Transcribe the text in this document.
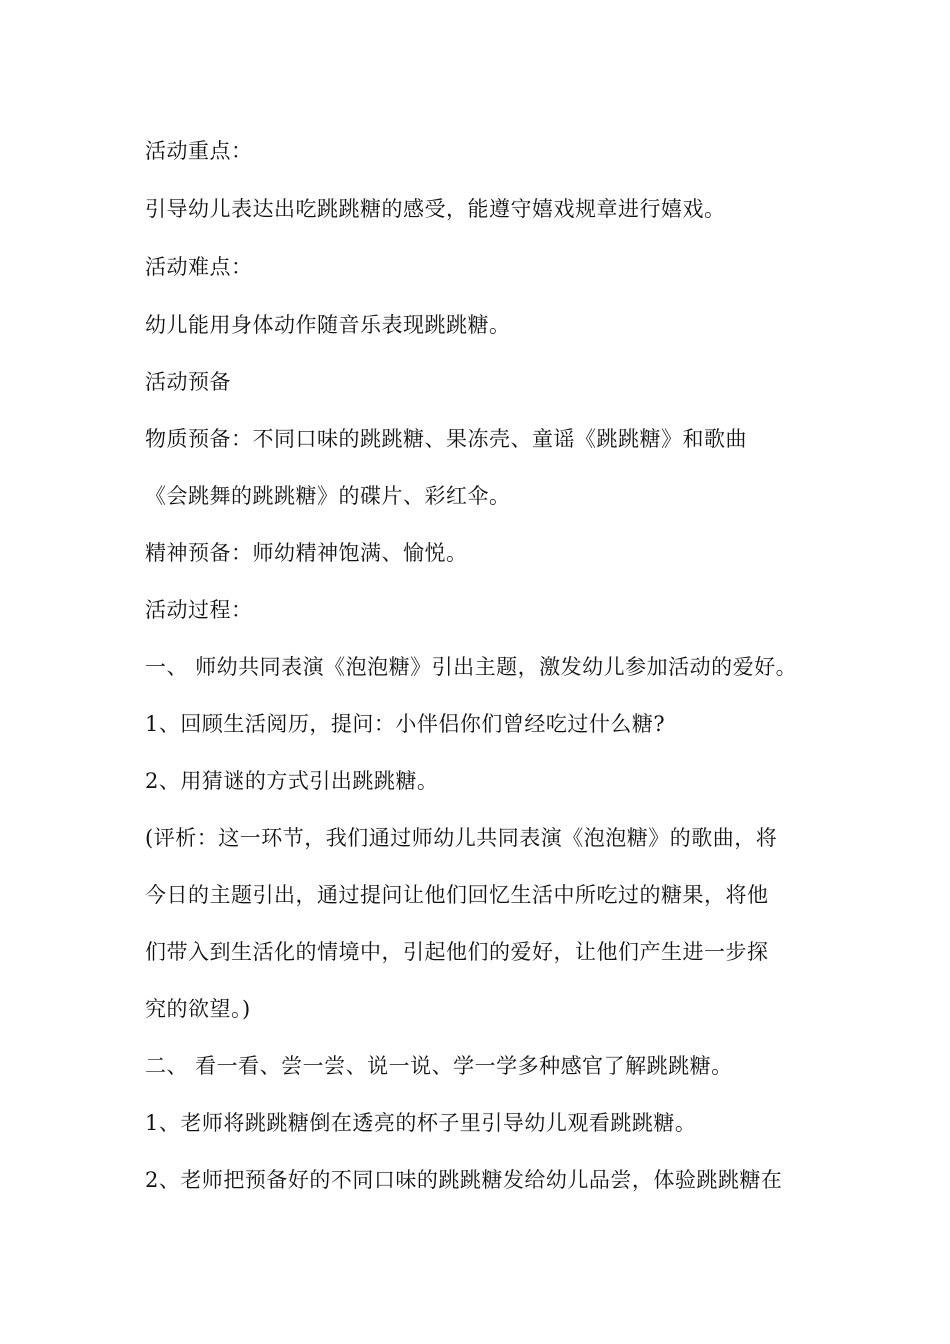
活动重点：
引导幼儿表达出吃跳跳糖的感受，能遵守嬉戏规章进行嬉戏。
活动难点：
幼儿能用身体动作随音乐表现跳跳糖。
活动预备
物质预备：不同口味的跳跳糖、果冻壳、童谣《跳跳糖》和歌曲
《会跳舞的跳跳糖》的碟片、彩红伞。
精神预备：师幼精神饱满、愉悦。
活动过程：
一、 师幼共同表演《泡泡糖》引出主题，激发幼儿参加活动的爱好。
1、回顾生活阅历，提问：小伴侣你们曾经吃过什么糖?
2、用猜谜的方式引出跳跳糖。
(评析：这一环节，我们通过师幼儿共同表演《泡泡糖》的歌曲，将
今日的主题引出，通过提问让他们回忆生活中所吃过的糖果，将他
们带入到生活化的情境中，引起他们的爱好，让他们产生进一步探
究的欲望。)
二、 看一看、尝一尝、说一说、学一学多种感官了解跳跳糖。
1、老师将跳跳糖倒在透亮的杯子里引导幼儿观看跳跳糖。
2、老师把预备好的不同口味的跳跳糖发给幼儿品尝，体验跳跳糖在
